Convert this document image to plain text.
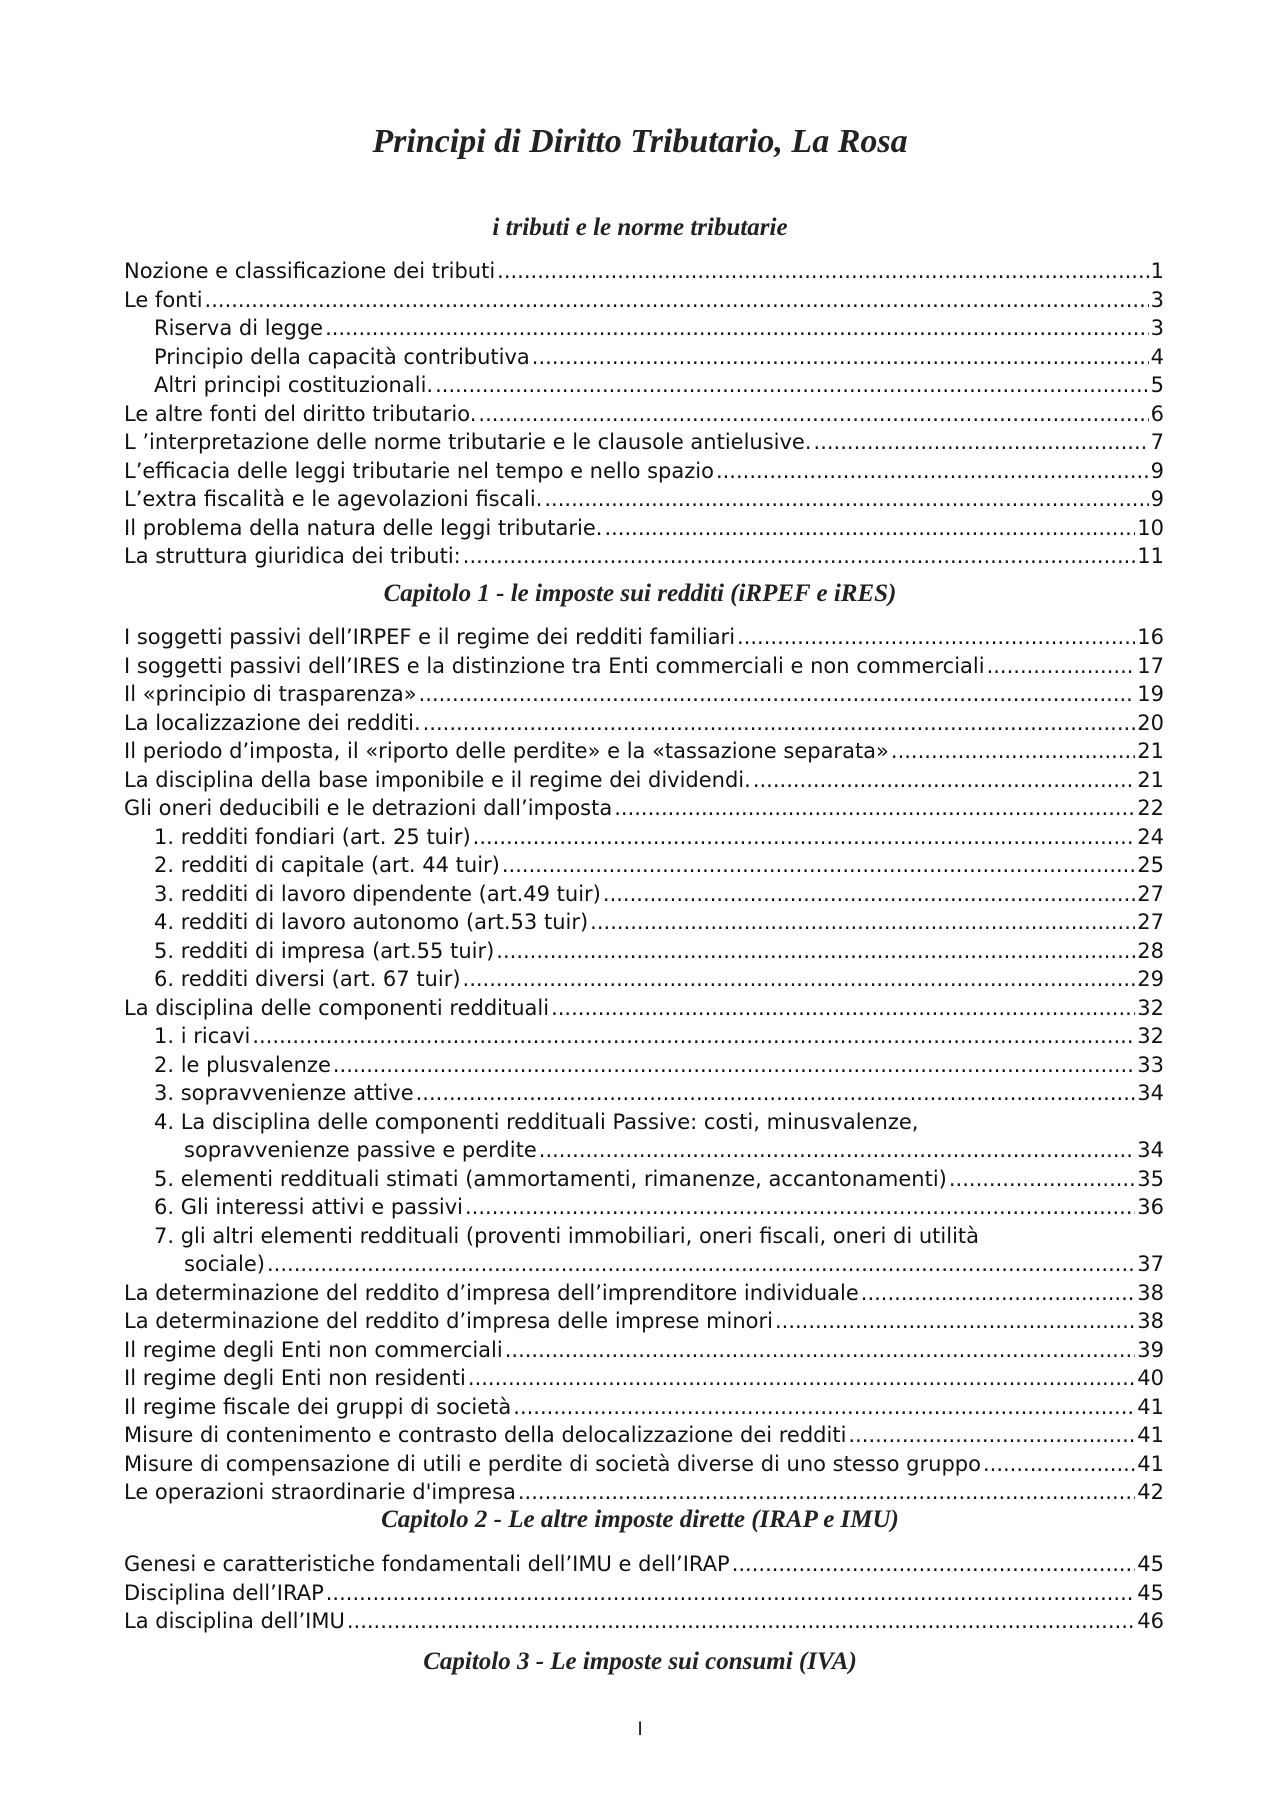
Principi di Diritto Tributario, La Rosa
i tributi e le norme tributarie
Nozione e classificazione dei tributi .....	1
Le fonti .....	3
Riserva di legge .....	3
Principio della capacità contributiva .....	4
Altri principi costituzionali. .....	5
Le altre fonti del diritto tributario. .....	6
L ’interpretazione delle norme tributarie e le clausole antielusive. .....	7
L’efficacia delle leggi tributarie nel tempo e nello spazio .....	9
L’extra fiscalità e le agevolazioni fiscali. .....	9
Il problema della natura delle leggi tributarie. .....	10
La struttura giuridica dei tributi: .....	11
Capitolo 1 - le imposte sui redditi (iRPEF e iRES)
I soggetti passivi dell’IRPEF e il regime dei redditi familiari .....	16
I soggetti passivi dell’IRES e la distinzione tra Enti commerciali e non commerciali .....	17
Il «principio di trasparenza» .....	19
La localizzazione dei redditi. .....	20
Il periodo d’imposta, il «riporto delle perdite» e la «tassazione separata» .....	21
La disciplina della base imponibile e il regime dei dividendi. .....	21
Gli oneri deducibili e le detrazioni dall’imposta .....	22
1. redditi fondiari (art. 25 tuir) .....	24
2. redditi di capitale (art. 44 tuir) .....	25
3. redditi di lavoro dipendente (art.49 tuir) .....	27
4. redditi di lavoro autonomo (art.53 tuir) .....	27
5. redditi di impresa (art.55 tuir) .....	28
6. redditi diversi (art. 67 tuir) .....	29
La disciplina delle componenti reddituali .....	32
1. i ricavi .....	32
2. le plusvalenze .....	33
3. sopravvenienze attive .....	34
4. La disciplina delle componenti reddituali Passive: costi, minusvalenze,
sopravvenienze passive e perdite .....	34
5. elementi reddituali stimati (ammortamenti, rimanenze, accantonamenti) .....	35
6. Gli interessi attivi e passivi .....	36
7. gli altri elementi reddituali (proventi immobiliari, oneri fiscali, oneri di utilità
sociale) .....	37
La determinazione del reddito d’impresa dell’imprenditore individuale .....	38
La determinazione del reddito d’impresa delle imprese minori .....	38
Il regime degli Enti non commerciali .....	39
Il regime degli Enti non residenti .....	40
Il regime fiscale dei gruppi di società .....	41
Misure di contenimento e contrasto della delocalizzazione dei redditi .....	41
Misure di compensazione di utili e perdite di società diverse di uno stesso gruppo .....	41
Le operazioni straordinarie d'impresa .....	42
Capitolo 2 - Le altre imposte dirette (IRAP e IMU)
Genesi e caratteristiche fondamentali dell’IMU e dell’IRAP .....	45
Disciplina dell’IRAP .....	45
La disciplina dell’IMU .....	46
Capitolo 3 - Le imposte sui consumi (IVA)
I
